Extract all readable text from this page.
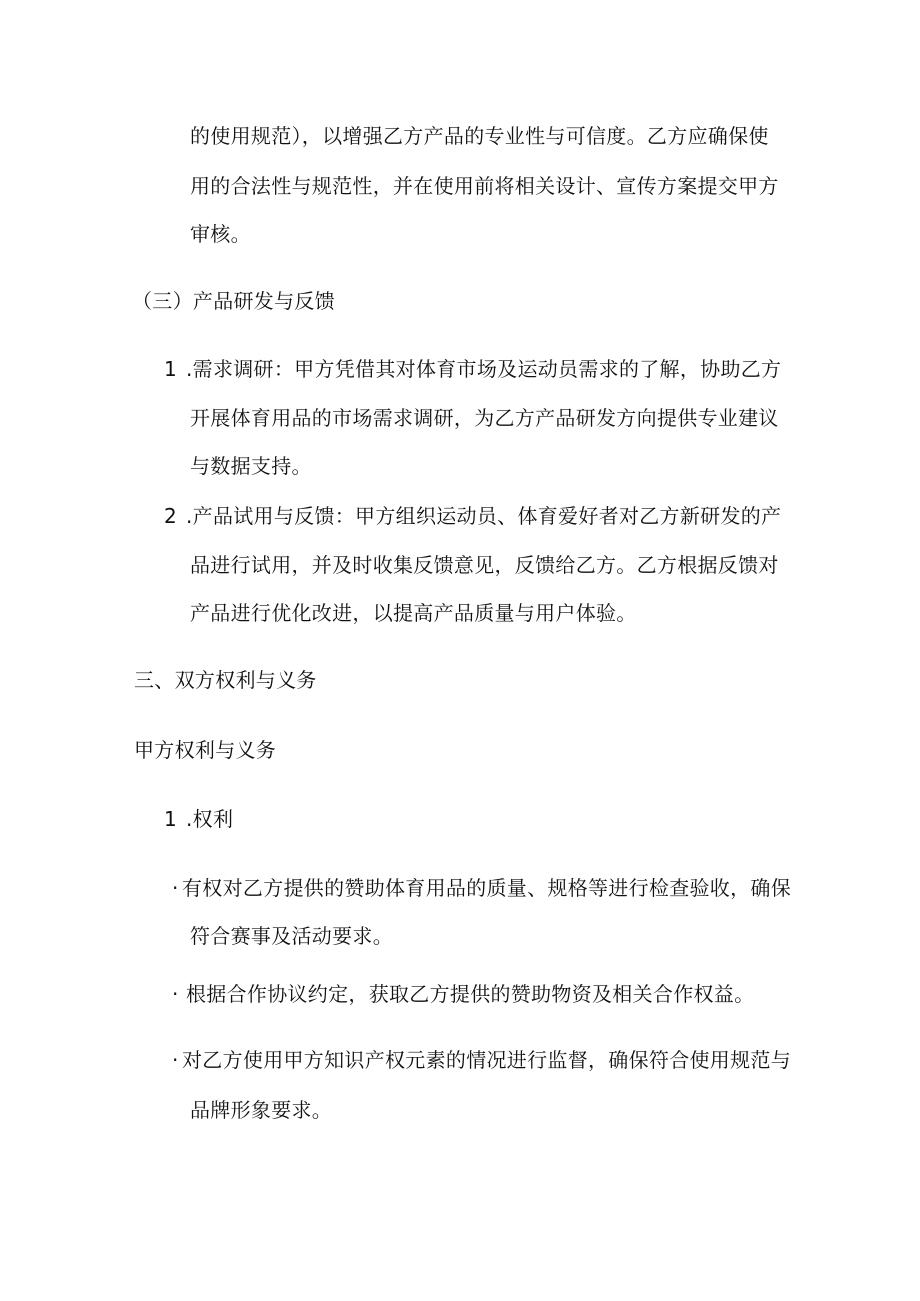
的使用规范），以增强乙方产品的专业性与可信度。乙方应确保使
用的合法性与规范性，并在使用前将相关设计、宣传方案提交甲方
审核。
（三）产品研发与反馈
1 .需求调研：甲方凭借其对体育市场及运动员需求的了解，协助乙方
开展体育用品的市场需求调研，为乙方产品研发方向提供专业建议
与数据支持。
2 .产品试用与反馈：甲方组织运动员、体育爱好者对乙方新研发的产
品进行试用，并及时收集反馈意见，反馈给乙方。乙方根据反馈对
产品进行优化改进，以提高产品质量与用户体验。
三、双方权利与义务
甲方权利与义务
1 .权利
· 有权对乙方提供的赞助体育用品的质量、规格等进行检查验收，确保
符合赛事及活动要求。
· 根据合作协议约定，获取乙方提供的赞助物资及相关合作权益。
· 对乙方使用甲方知识产权元素的情况进行监督，确保符合使用规范与
品牌形象要求。
